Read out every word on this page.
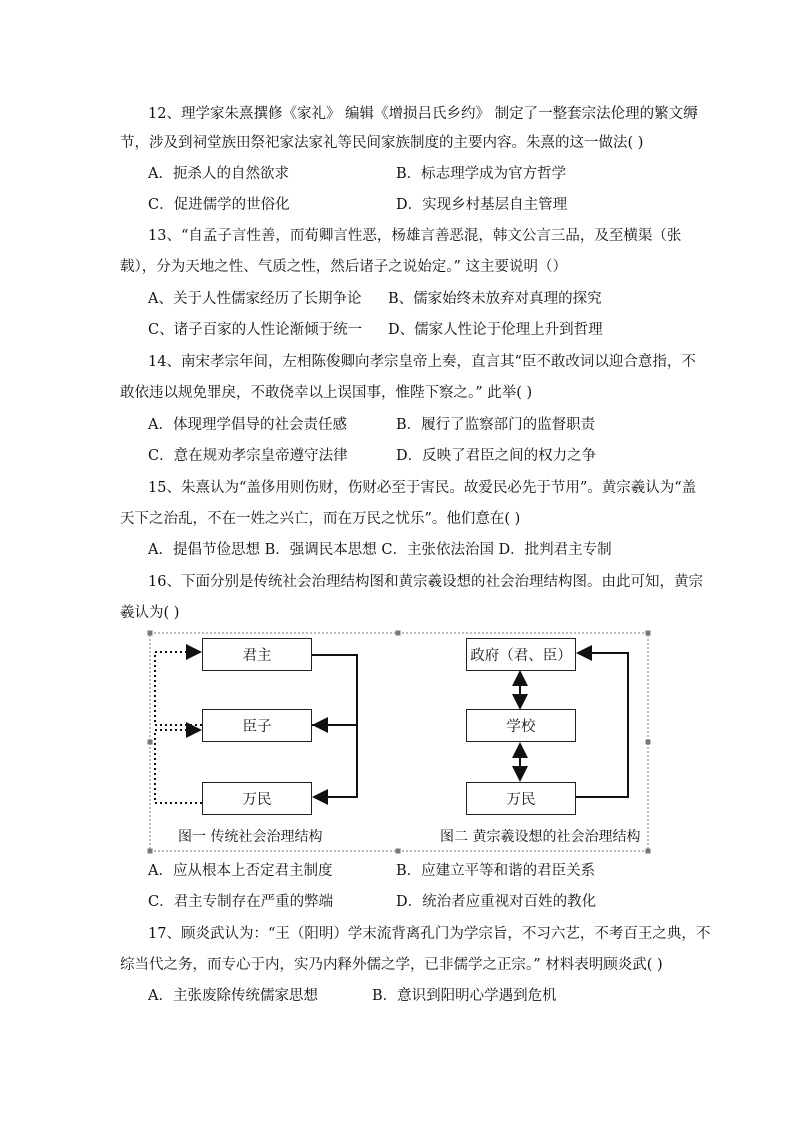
12、理学家朱熹撰修《家礼》 编辑《增损吕氏乡约》 制定了一整套宗法伦理的繁文缛
节，涉及到祠堂族田祭祀家法家礼等民间家族制度的主要内容。朱熹的这一做法( )
A．扼杀人的自然欲求	B．标志理学成为官方哲学
C．促进儒学的世俗化	D．实现乡村基层自主管理
13、“自孟子言性善，而荀卿言性恶，杨雄言善恶混，韩文公言三品，及至横渠（张
载），分为天地之性、气质之性，然后诸子之说始定。” 这主要说明（）
A、关于人性儒家经历了长期争论 B、儒家始终未放弃对真理的探究
C、诸子百家的人性论渐倾于统一 D、儒家人性论于伦理上升到哲理
14、南宋孝宗年间，左相陈俊卿向孝宗皇帝上奏，直言其“臣不敢改词以迎合意指，不
敢依违以规免罪戾，不敢侥幸以上误国事，惟陛下察之。” 此举( )
A．体现理学倡导的社会责任感	B．履行了监察部门的监督职责
C．意在规劝孝宗皇帝遵守法律	D．反映了君臣之间的权力之争
15、朱熹认为“盖侈用则伤财，伤财必至于害民。故爱民必先于节用”。黄宗羲认为“盖
天下之治乱，不在一姓之兴亡，而在万民之忧乐”。他们意在( )
A．提倡节俭思想 B．强调民本思想 C．主张依法治国 D．批判君主专制
16、下面分别是传统社会治理结构图和黄宗羲设想的社会治理结构图。由此可知，黄宗
羲认为( )
君主
臣子
万民
图一 传统社会治理结构
政府（君、臣）
学校
万民
图二 黄宗羲设想的社会治理结构
A．应从根本上否定君主制度	B．应建立平等和谐的君臣关系
C．君主专制存在严重的弊端	D．统治者应重视对百姓的教化
17、顾炎武认为：“王（阳明）学末流背离孔门为学宗旨，不习六艺，不考百王之典，不
综当代之务，而专心于内，实乃内释外儒之学，已非儒学之正宗。” 材料表明顾炎武( )
A．主张废除传统儒家思想	B．意识到阳明心学遇到危机
